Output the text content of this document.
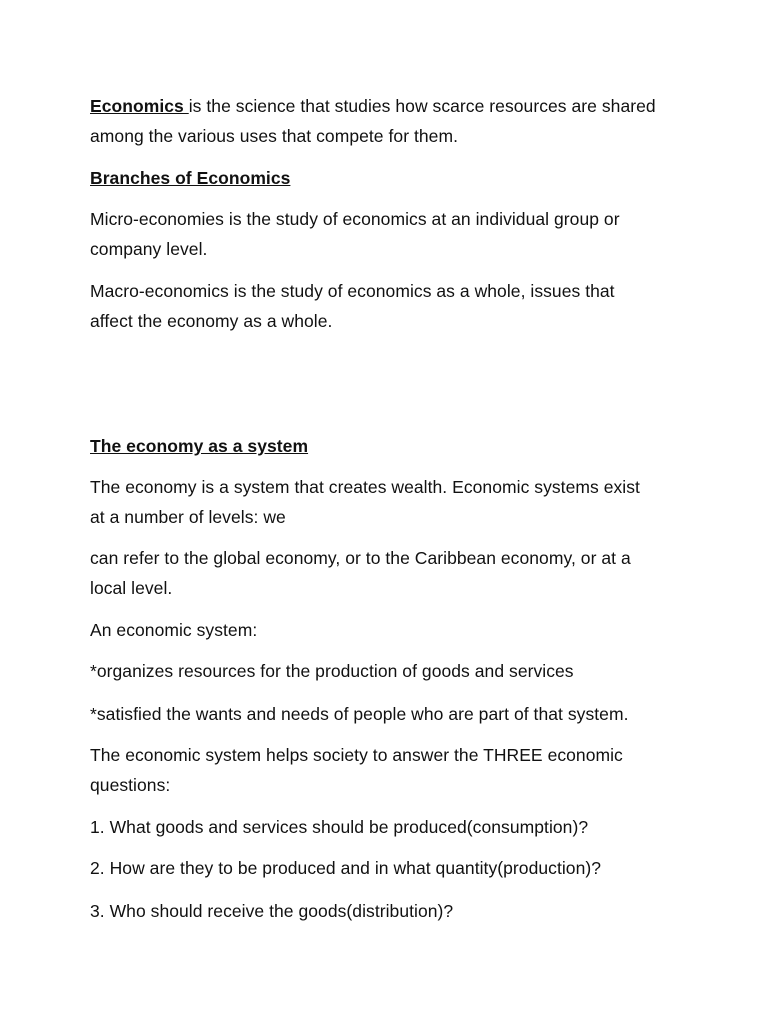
Economics is the science that studies how scarce resources are shared

among the various uses that compete for them.

Branches of Economics

Micro-economies is the study of economics at an individual group or

company level.

Macro-economics is the study of economics as a whole, issues that

affect the economy as a whole.

The economy as a system

The economy is a system that creates wealth. Economic systems exist

at a number of levels: we

can refer to the global economy, or to the Caribbean economy, or at a

local level.

An economic system:

*organizes resources for the production of goods and services

*satisfied the wants and needs of people who are part of that system.

The economic system helps society to answer the THREE economic

questions:

1. What goods and services should be produced(consumption)?

2. How are they to be produced and in what quantity(production)?

3. Who should receive the goods(distribution)?
